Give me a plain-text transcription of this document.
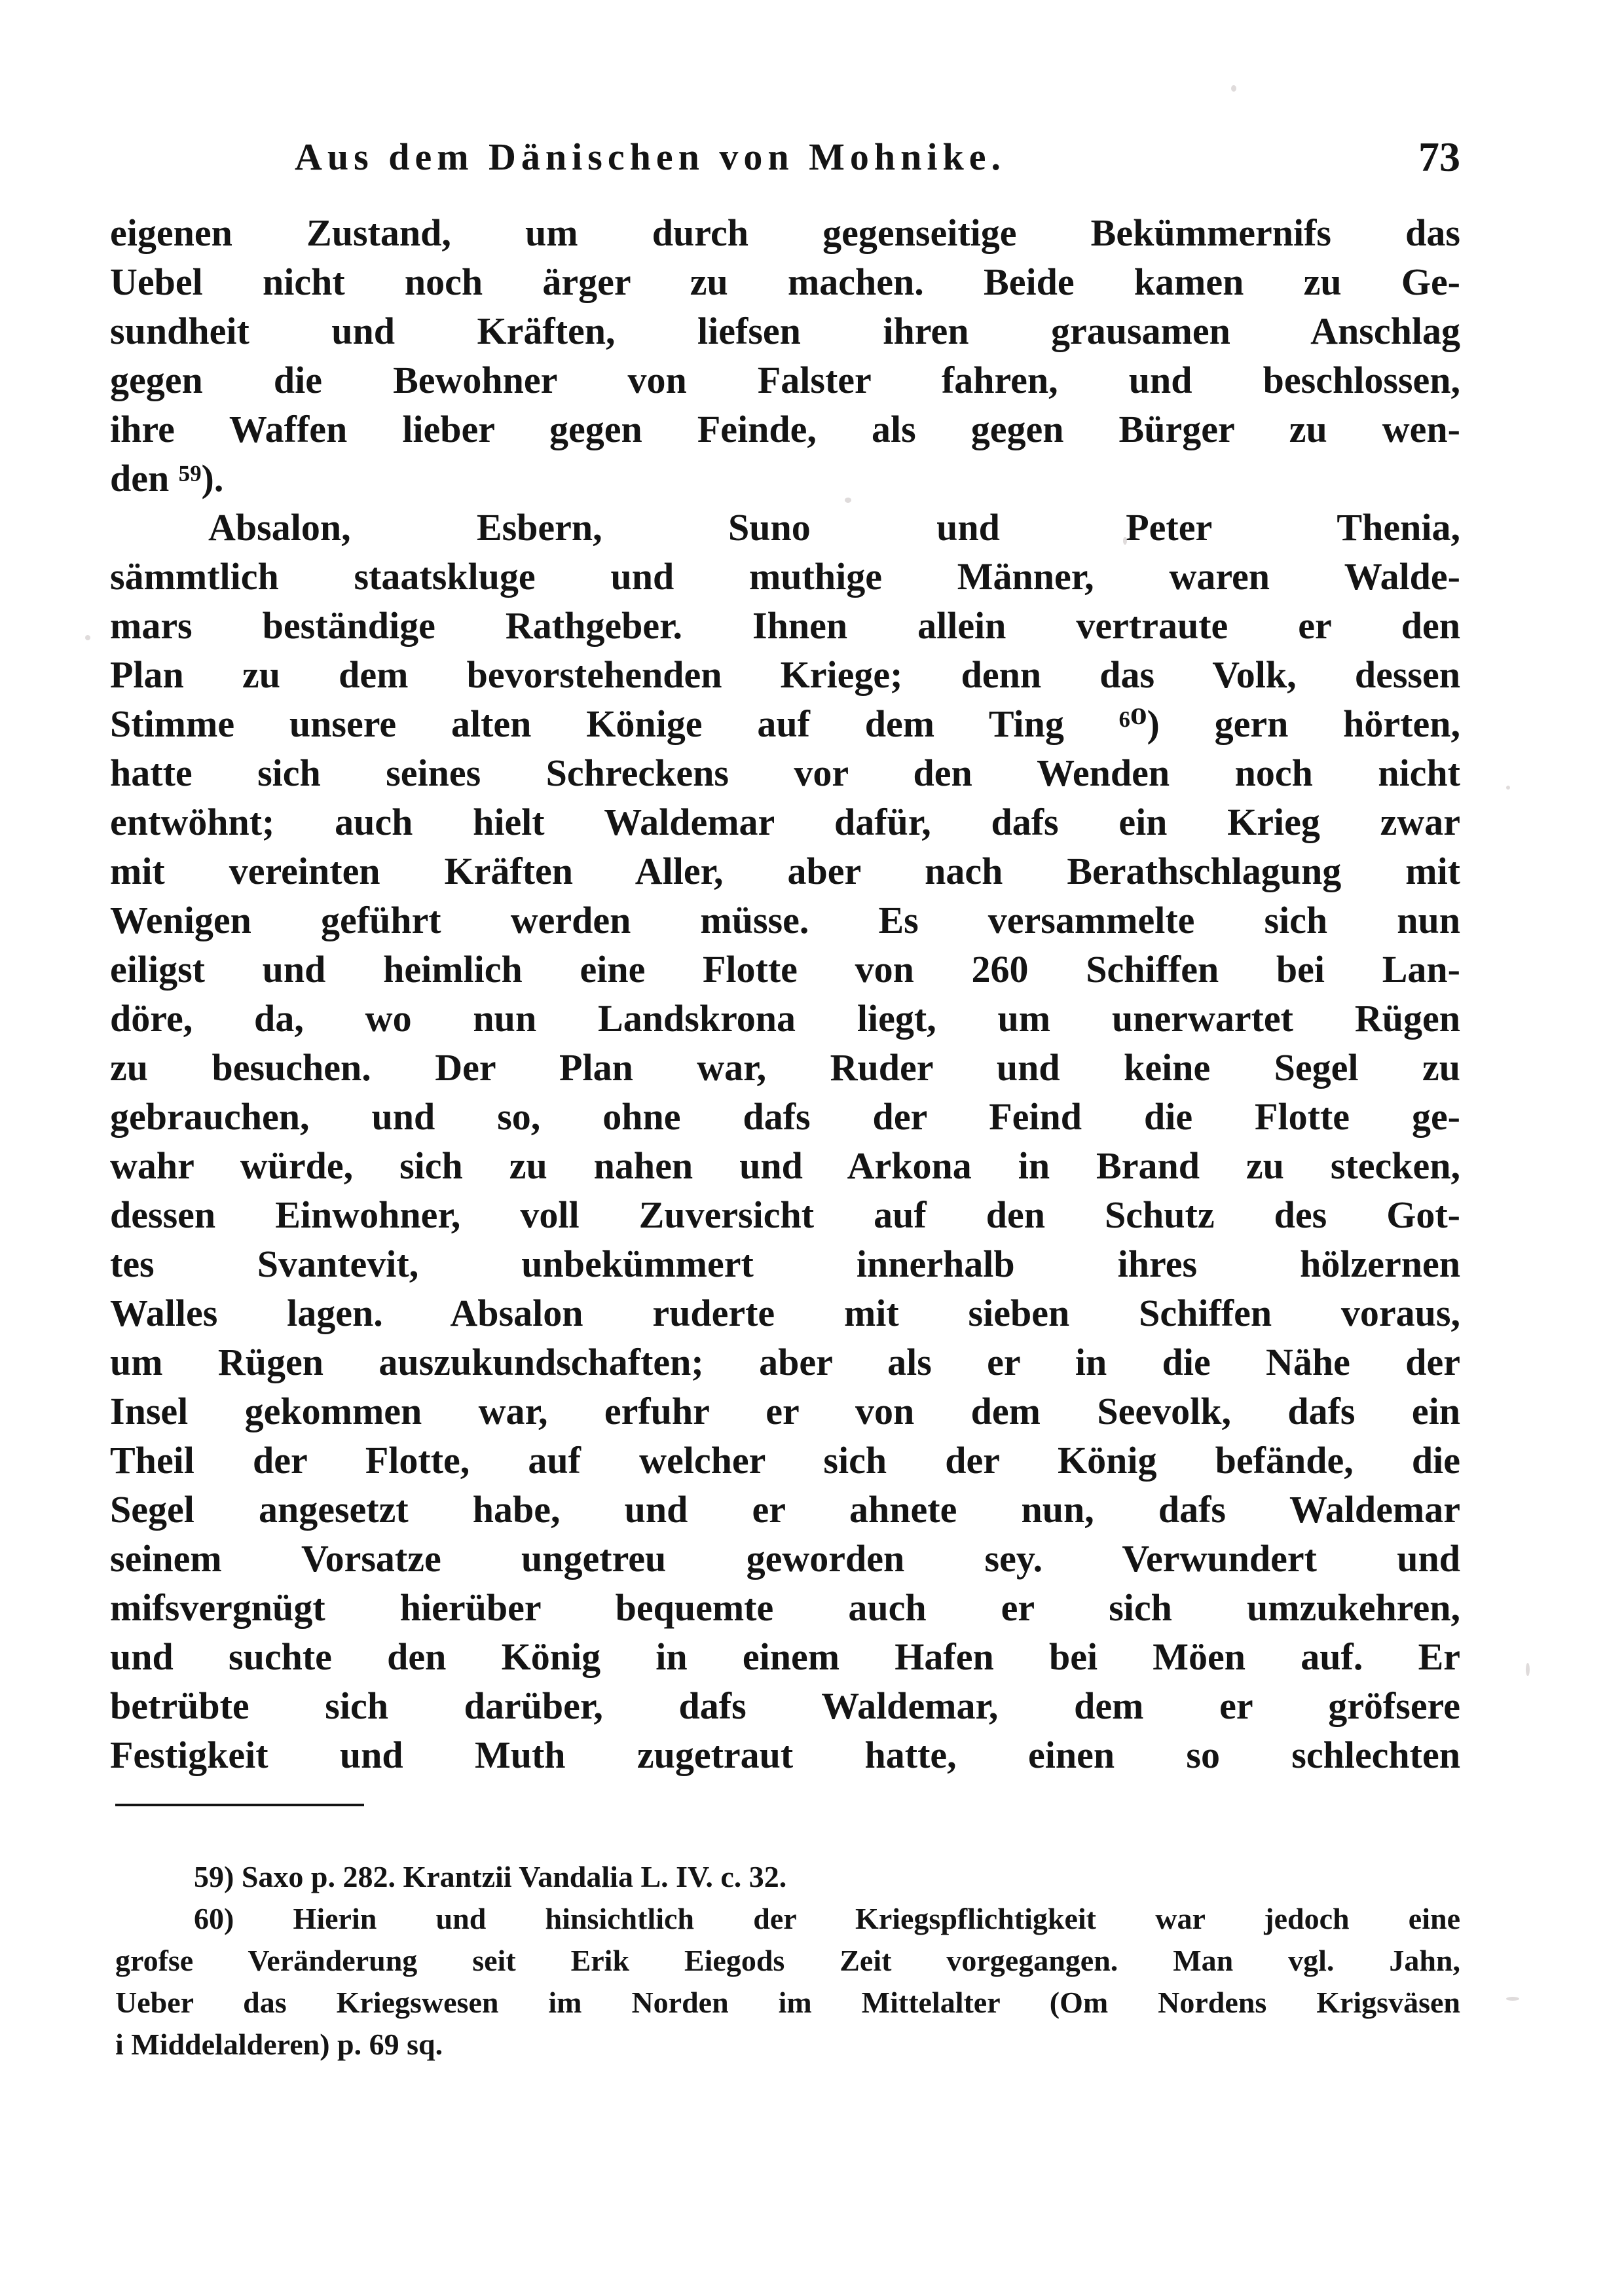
Aus dem Dänischen von Mohnike.	73
eigenen Zustand, um durch gegenseitige Bekümmernifs das
Uebel nicht noch ärger zu machen. Beide kamen zu Ge-
sundheit und Kräften, liefsen ihren grausamen Anschlag
gegen die Bewohner von Falster fahren, und beschlossen,
ihre Waffen lieber gegen Feinde, als gegen Bürger zu wen-
den ⁵⁹).
Absalon, Esbern, Suno und Peter Thenia,
sämmtlich staatskluge und muthige Männer, waren Walde-
mars beständige Rathgeber. Ihnen allein vertraute er den
Plan zu dem bevorstehenden Kriege; denn das Volk, dessen
Stimme unsere alten Könige auf dem Ting ⁶⁰) gern hörten,
hatte sich seines Schreckens vor den Wenden noch nicht
entwöhnt; auch hielt Waldemar dafür, dafs ein Krieg zwar
mit vereinten Kräften Aller, aber nach Berathschlagung mit
Wenigen geführt werden müsse. Es versammelte sich nun
eiligst und heimlich eine Flotte von 260 Schiffen bei Lan-
döre, da, wo nun Landskrona liegt, um unerwartet Rügen
zu besuchen. Der Plan war, Ruder und keine Segel zu
gebrauchen, und so, ohne dafs der Feind die Flotte ge-
wahr würde, sich zu nahen und Arkona in Brand zu stecken,
dessen Einwohner, voll Zuversicht auf den Schutz des Got-
tes Svantevit, unbekümmert innerhalb ihres hölzernen
Walles lagen. Absalon ruderte mit sieben Schiffen voraus,
um Rügen auszukundschaften; aber als er in die Nähe der
Insel gekommen war, erfuhr er von dem Seevolk, dafs ein
Theil der Flotte, auf welcher sich der König befände, die
Segel angesetzt habe, und er ahnete nun, dafs Waldemar
seinem Vorsatze ungetreu geworden sey. Verwundert und
mifsvergnügt hierüber bequemte auch er sich umzukehren,
und suchte den König in einem Hafen bei Möen auf. Er
betrübte sich darüber, dafs Waldemar, dem er gröfsere
Festigkeit und Muth zugetraut hatte, einen so schlechten
59) Saxo p. 282. Krantzii Vandalia L. IV. c. 32.
60) Hierin und hinsichtlich der Kriegspflichtigkeit war jedoch eine
grofse Veränderung seit Erik Eiegods Zeit vorgegangen. Man vgl. Jahn,
Ueber das Kriegswesen im Norden im Mittelalter (Om Nordens Krigsväsen
i Middelalderen) p. 69 sq.
